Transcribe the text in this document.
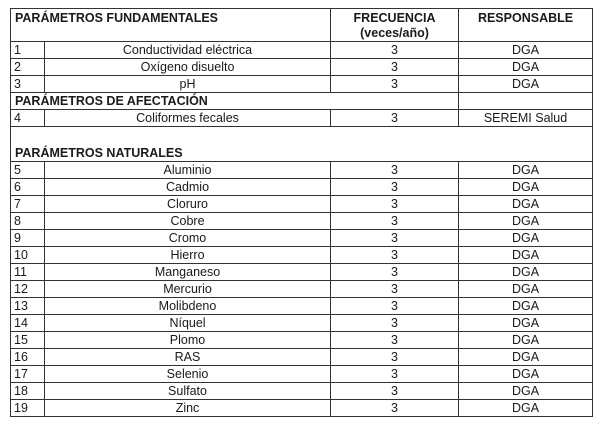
PARÁMETROS FUNDAMENTALES		FRECUENCIA (veces/año)	RESPONSABLE
1	Conductividad eléctrica	3	DGA
2	Oxígeno disuelto	3	DGA
3	pH	3	DGA
PARÁMETROS DE AFECTACIÓN			
4	Coliformes fecales	3	SEREMI Salud

PARÁMETROS NATURALES			
5	Aluminio	3	DGA
6	Cadmio	3	DGA
7	Cloruro	3	DGA
8	Cobre	3	DGA
9	Cromo	3	DGA
10	Hierro	3	DGA
11	Manganeso	3	DGA
12	Mercurio	3	DGA
13	Molibdeno	3	DGA
14	Níquel	3	DGA
15	Plomo	3	DGA
16	RAS	3	DGA
17	Selenio	3	DGA
18	Sulfato	3	DGA
19	Zinc	3	DGA
